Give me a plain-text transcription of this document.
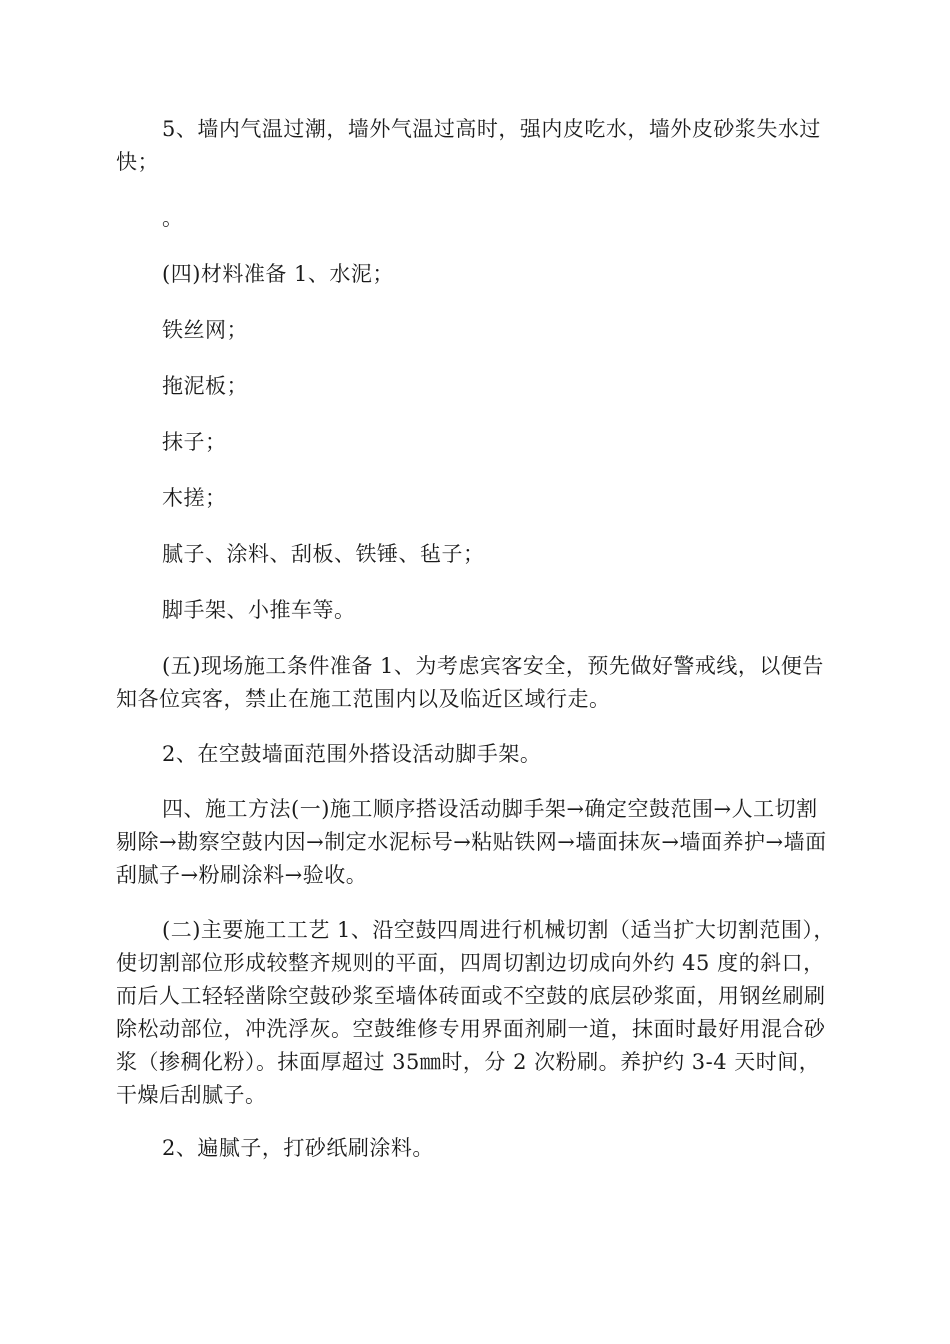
5、墙内气温过潮，墙外气温过高时，强内皮吃水，墙外皮砂浆失水过快；

。

(四)材料准备 1、水泥；

铁丝网；

拖泥板；

抹子；

木搓；

腻子、涂料、刮板、铁锤、毡子；

脚手架、小推车等。

(五)现场施工条件准备 1、为考虑宾客安全，预先做好警戒线，以便告知各位宾客，禁止在施工范围内以及临近区域行走。

2、在空鼓墙面范围外搭设活动脚手架。

四、施工方法(一)施工顺序搭设活动脚手架→确定空鼓范围→人工切割剔除→勘察空鼓内因→制定水泥标号→粘贴铁网→墙面抹灰→墙面养护→墙面刮腻子→粉刷涂料→验收。

(二)主要施工工艺 1、沿空鼓四周进行机械切割（适当扩大切割范围），使切割部位形成较整齐规则的平面，四周切割边切成向外约 45 度的斜口，而后人工轻轻凿除空鼓砂浆至墙体砖面或不空鼓的底层砂浆面，用钢丝刷刷除松动部位，冲洗浮灰。空鼓维修专用界面剂刷一道，抹面时最好用混合砂浆（掺稠化粉）。抹面厚超过 35㎜时，分 2 次粉刷。养护约 3-4 天时间，干燥后刮腻子。

2、遍腻子，打砂纸刷涂料。
